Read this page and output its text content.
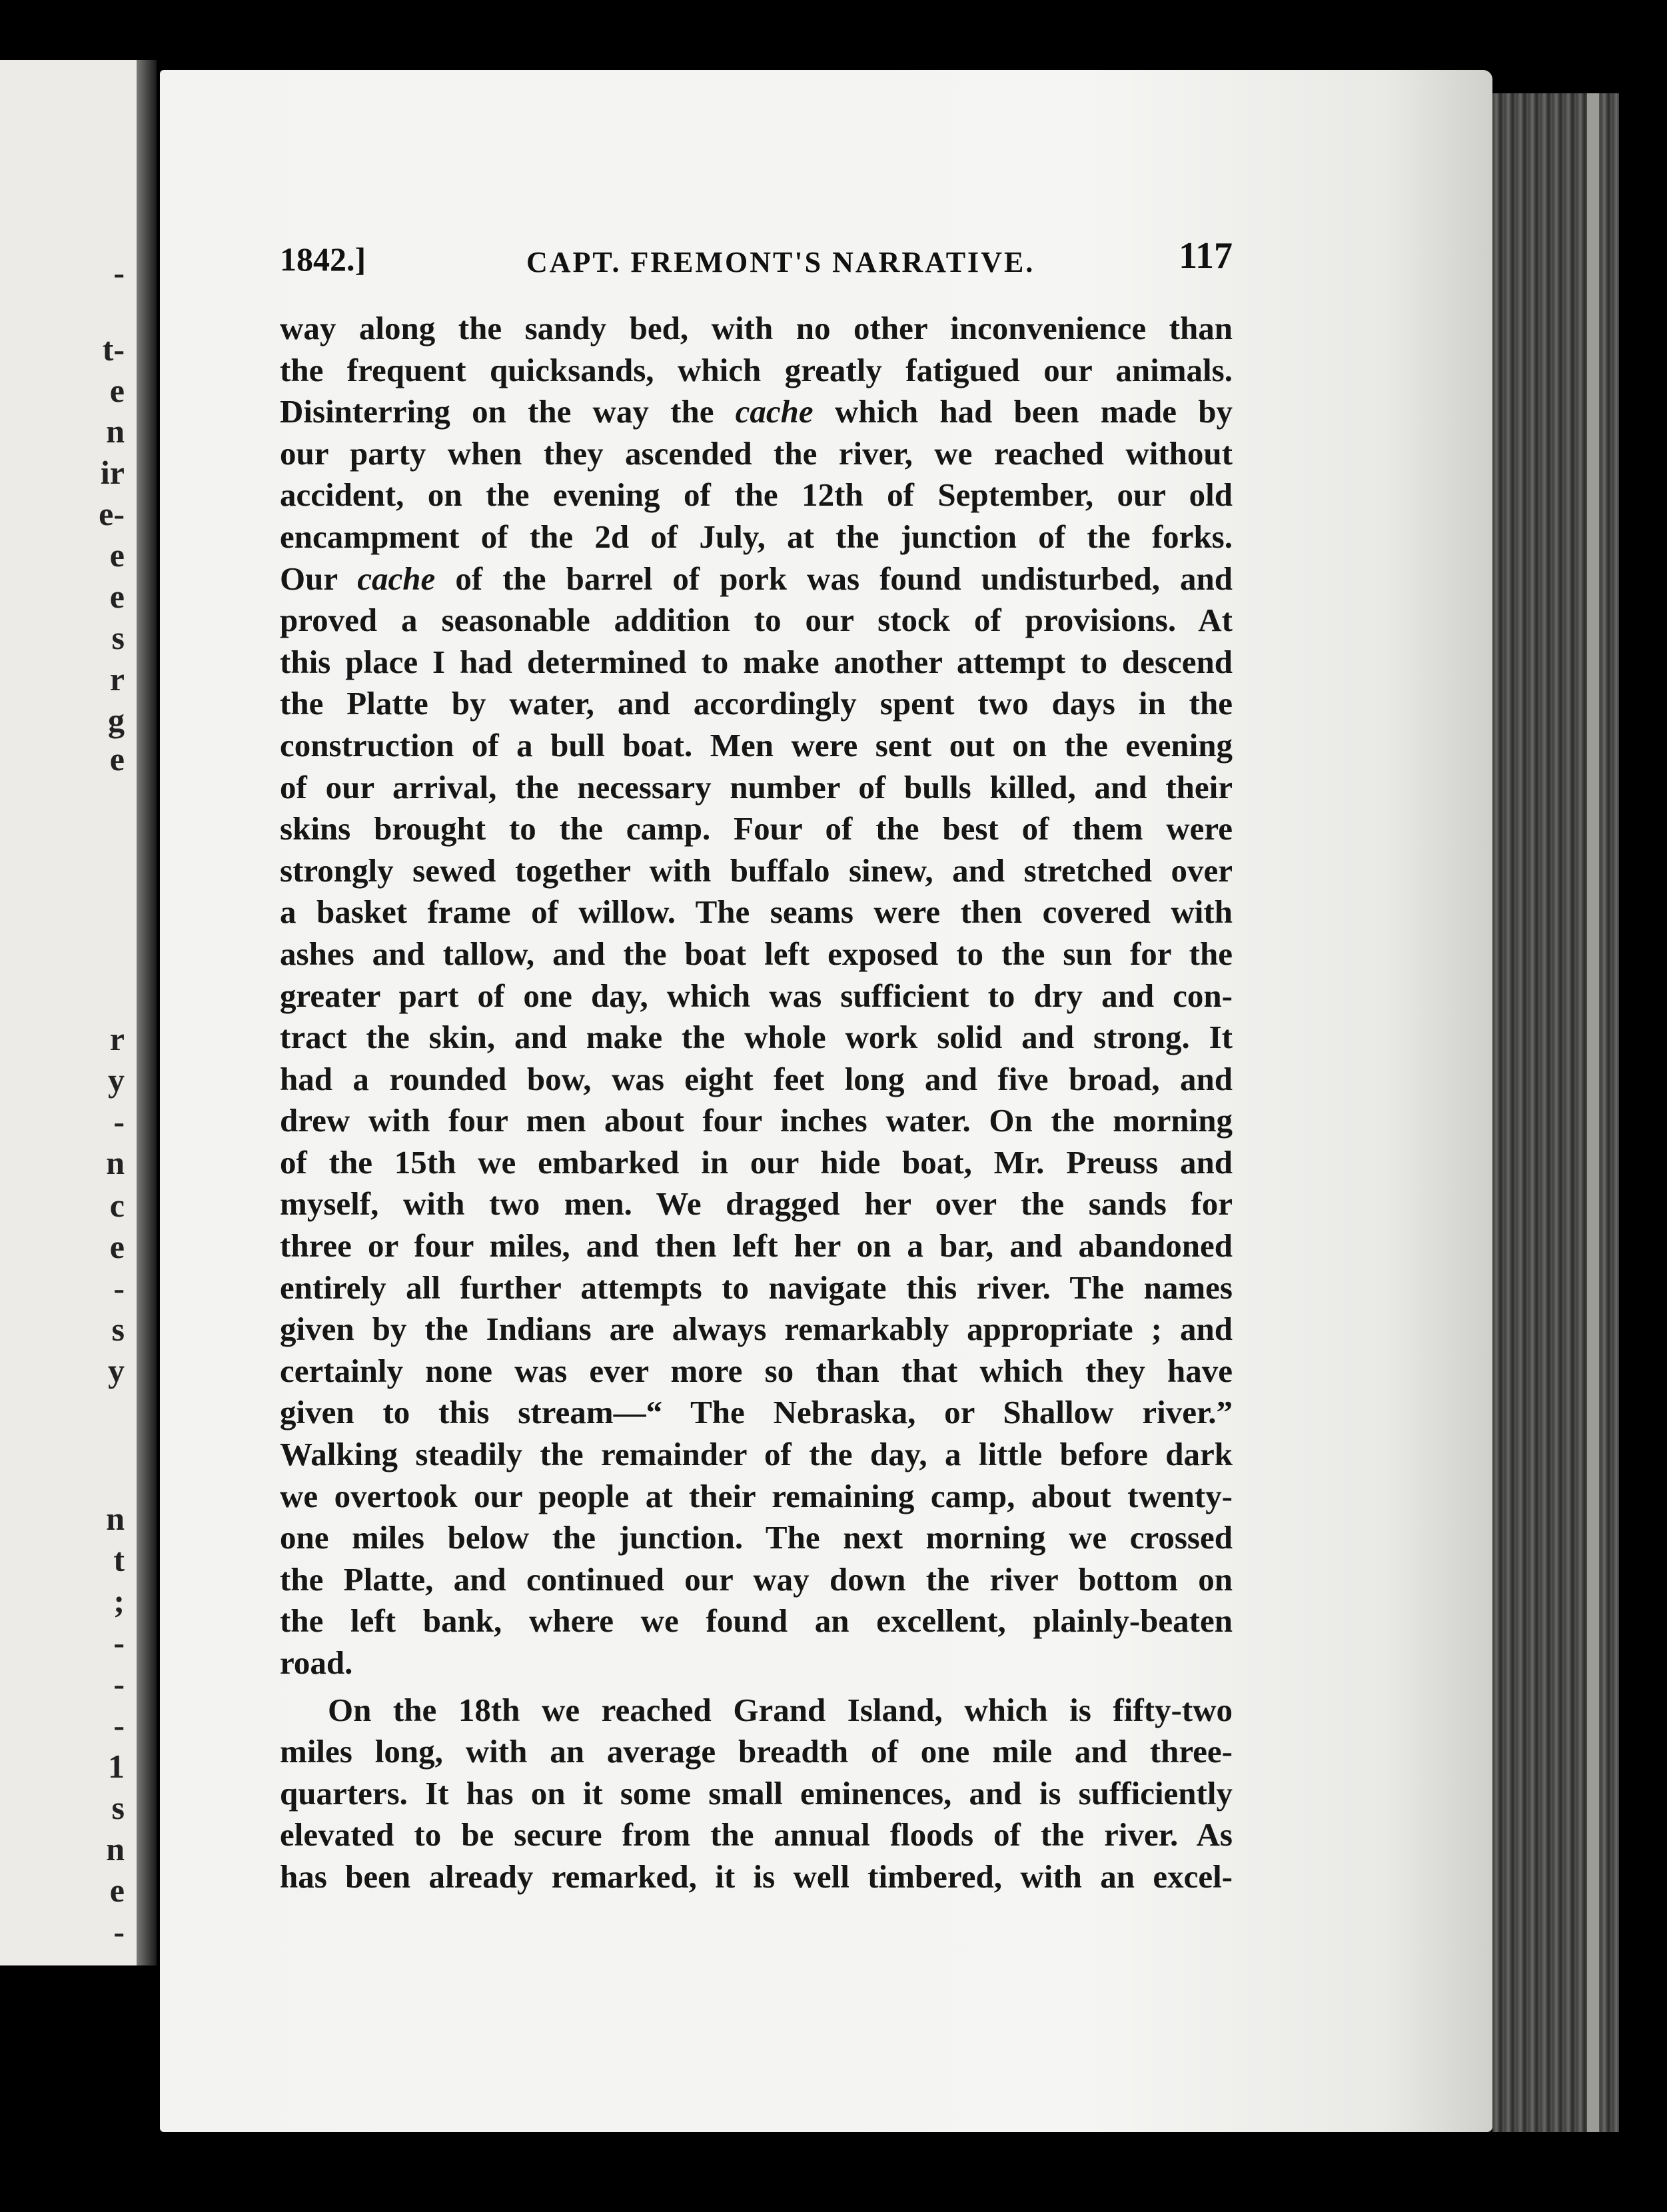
-
t-
e
n
ir
e-
e
e
s
r
g
e
r
y
-
n
c
e
-
s
y
n
t
;
-
-
-
1
s
n
e
-
1842.]	CAPT. FREMONT'S NARRATIVE.	117
way along the sandy bed, with no other inconvenience than
the frequent quicksands, which greatly fatigued our animals.
Disinterring on the way the cache which had been made by
our party when they ascended the river, we reached without
accident, on the evening of the 12th of September, our old
encampment of the 2d of July, at the junction of the forks.
Our cache of the barrel of pork was found undisturbed, and
proved a seasonable addition to our stock of provisions. At
this place I had determined to make another attempt to descend
the Platte by water, and accordingly spent two days in the
construction of a bull boat. Men were sent out on the evening
of our arrival, the necessary number of bulls killed, and their
skins brought to the camp. Four of the best of them were
strongly sewed together with buffalo sinew, and stretched over
a basket frame of willow. The seams were then covered with
ashes and tallow, and the boat left exposed to the sun for the
greater part of one day, which was sufficient to dry and con-
tract the skin, and make the whole work solid and strong. It
had a rounded bow, was eight feet long and five broad, and
drew with four men about four inches water. On the morning
of the 15th we embarked in our hide boat, Mr. Preuss and
myself, with two men. We dragged her over the sands for
three or four miles, and then left her on a bar, and abandoned
entirely all further attempts to navigate this river. The names
given by the Indians are always remarkably appropriate ; and
certainly none was ever more so than that which they have
given to this stream—“ The Nebraska, or Shallow river.”
Walking steadily the remainder of the day, a little before dark
we overtook our people at their remaining camp, about twenty-
one miles below the junction. The next morning we crossed
the Platte, and continued our way down the river bottom on
the left bank, where we found an excellent, plainly-beaten
road.
On the 18th we reached Grand Island, which is fifty-two
miles long, with an average breadth of one mile and three-
quarters. It has on it some small eminences, and is sufficiently
elevated to be secure from the annual floods of the river. As
has been already remarked, it is well timbered, with an excel-
